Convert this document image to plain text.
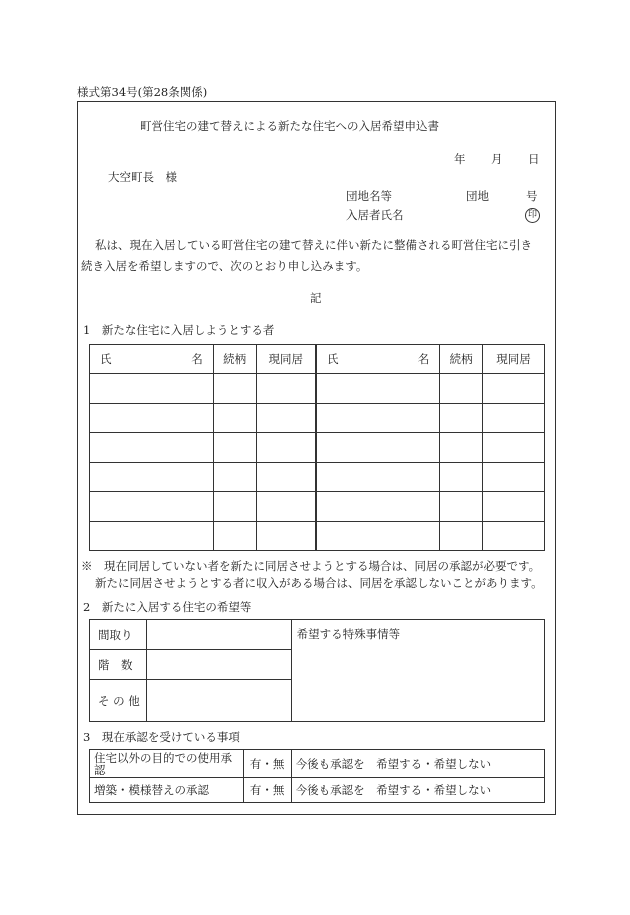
様式第34号(第28条関係)
町営住宅の建て替えによる新たな住宅への入居希望申込書
年 月 日
大空町長　様
団地名等	団地	号
入居者氏名	印
私は、現在入居している町営住宅の建て替えに伴い新たに整備される町営住宅に引き
続き入居を希望しますので、次のとおり申し込みます。
記
1　新たな住宅に入居しようとする者
氏 名	続柄	現同居	氏 名	続柄	現同居

※　現在同居していない者を新たに同居させようとする場合は、同居の承認が必要です。
新たに同居させようとする者に収入がある場合は、同居を承認しないことがあります。
2　新たに入居する住宅の希望等
間取り		希望する特殊事情等
階　数		
そ の 他		
3　現在承認を受けている事項
住宅以外の目的での使用承認	有・無	今後も承認を　希望する・希望しない
増築・模様替えの承認	有・無	今後も承認を　希望する・希望しない
